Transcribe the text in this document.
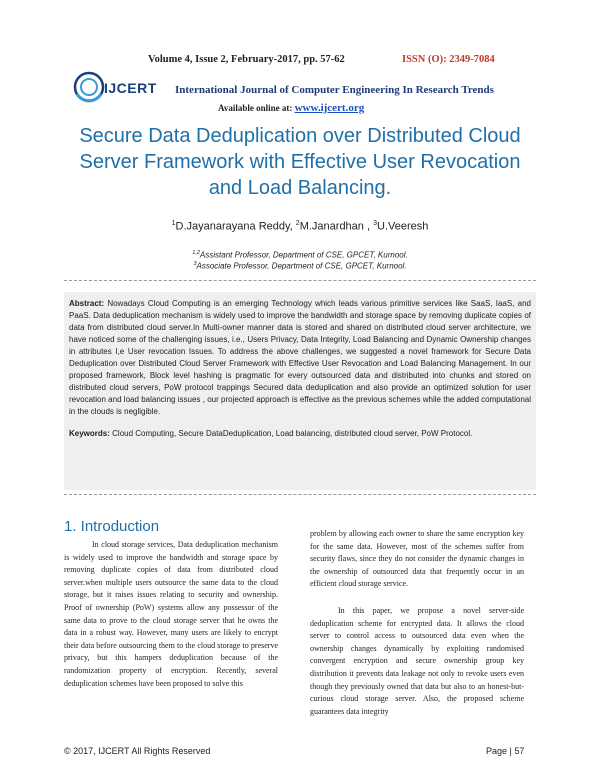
Volume 4, Issue 2, February-2017, pp. 57-62	ISSN (O): 2349-7084
IJCERT International Journal of Computer Engineering In Research Trends
Available online at: www.ijcert.org
Secure Data Deduplication over Distributed Cloud
Server Framework with Effective User Revocation
and Load Balancing.
$^1$D.Jayanarayana Reddy, $^2$M.Janardhan , $^3$U.Veeresh
$^{1,2}$Assistant Professor, Department of CSE, GPCET, Kurnool.
$^3$Associate Professor, Department of CSE, GPCET, Kurnool.

Abstract: Nowadays Cloud Computing is an emerging Technology which leads various primitive services like SaaS, IaaS, and PaaS. Data deduplication mechanism is widely used to improve the bandwidth and storage space by removing duplicate copies of data from distributed cloud server.In Multi-owner manner data is stored and shared on distributed cloud server architecture, we have noticed some of the challenging issues, i.e., Users Privacy, Data Integrity, Load Balancing and Dynamic Ownership changes in attributes I,e User revocation Issues. To address the above challenges, we suggested a novel framework for Secure Data Deduplication over Distributed Cloud Server Framework with Effective User Revocation and Load Balancing Management. In our proposed framework, Block level hashing is pragmatic for every outsourced data and distributed into chunks and stored on distributed cloud servers, PoW protocol trappings Secured data deduplication and also provide an optimized solution for user revocation and load balancing issues , our projected approach is effective as the previous schemes while the added computational in the clouds is negligible.

Keywords: Cloud Computing, Secure DataDeduplication, Load balancing, distributed cloud server, PoW Protocol.

1. Introduction

In cloud storage services, Data deduplication mechanism is widely used to improve the bandwidth and storage space by removing duplicate copies of data from distributed cloud server.when multiple users outsource the same data to the cloud storage, but it raises issues relating to security and ownership. Proof of ownership (PoW) systems allow any possessor of the same data to prove to the cloud storage server that he owns the data in a robust way. However, many users are likely to encrypt their data before outsourcing them to the cloud storage to preserve privacy, but this hampers deduplication because of the randomization property of encryption. Recently, several deduplication schemes have been proposed to solve this

problem by allowing each owner to share the same encryption key for the same data. However, most of the schemes suffer from security flaws, since they do not consider the dynamic changes in the ownership of outsourced data that frequently occur in an efficient cloud storage service.

In this paper, we propose a novel server-side deduplication scheme for encrypted data. It allows the cloud server to control access to outsourced data even when the ownership changes dynamically by exploiting randomised convergent encryption and secure ownership group key distribution it prevents data leakage not only to revoke users even though they previously owned that data but also to an honest-but-curious cloud storage server. Also, the proposed scheme guarantees data integrity

© 2017, IJCERT All Rights Reserved	Page | 57
